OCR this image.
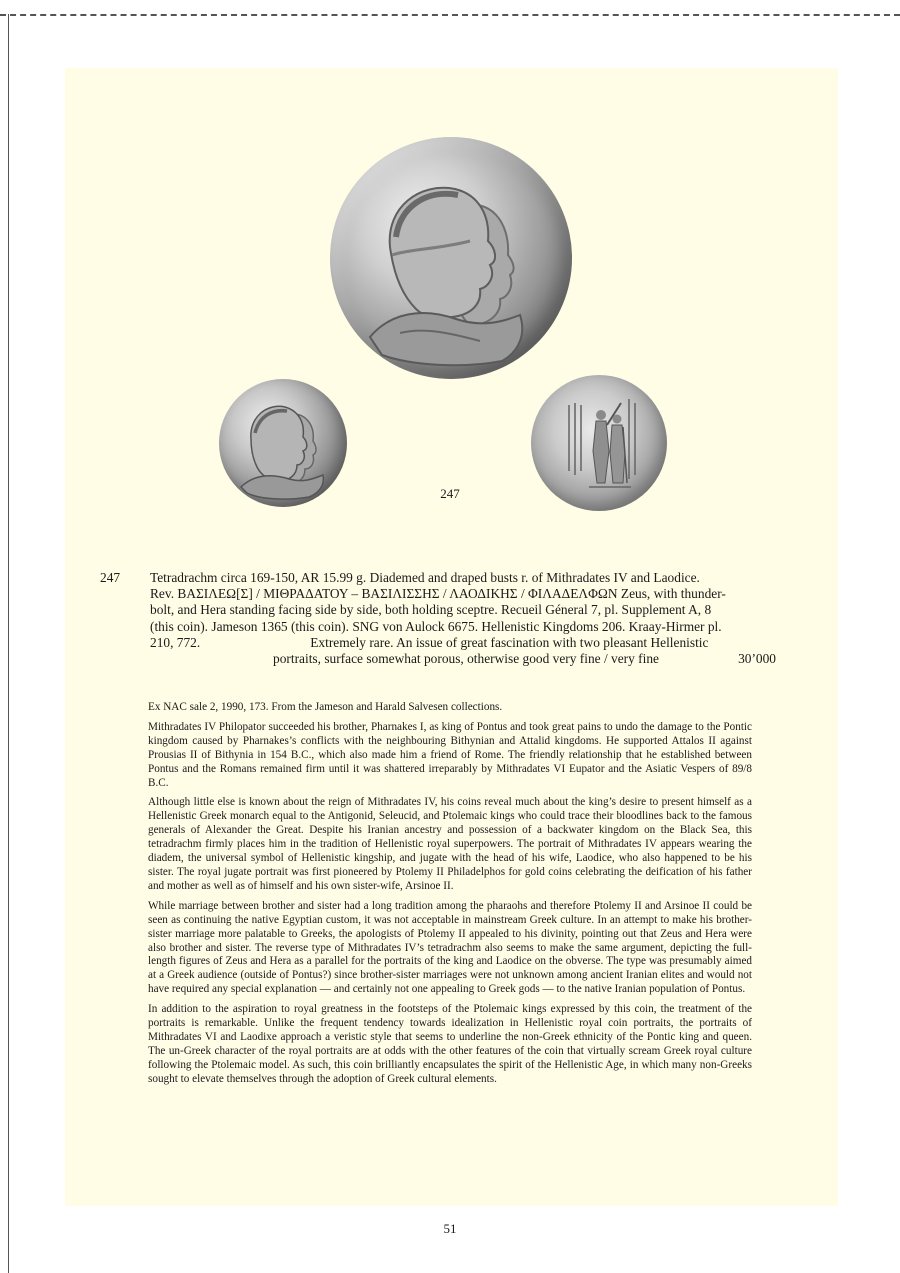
247
247 Tetradrachm circa 169-150, AR 15.99 g. Diademed and draped busts r. of Mithradates IV and Laodice.
Rev. ΒΑΣΙΛΕΩ[Σ] / ΜΙΘΡΑΔΑΤΟΥ – ΒΑΣΙΛΙΣΣΗΣ / ΛΑΟΔΙΚΗΣ / ΦΙΛΑΔΕΛΦΩΝ Zeus, with thunder-
bolt, and Hera standing facing side by side, both holding sceptre. Recueil Géneral 7, pl. Supplement A, 8
(this coin). Jameson 1365 (this coin). SNG von Aulock 6675. Hellenistic Kingdoms 206. Kraay-Hirmer pl.
210, 772.	Extremely rare. An issue of great fascination with two pleasant Hellenistic
portraits, surface somewhat porous, otherwise good very fine / very fine	30’000

Ex NAC sale 2, 1990, 173. From the Jameson and Harald Salvesen collections.

Mithradates IV Philopator succeeded his brother, Pharnakes I, as king of Pontus and took great pains to undo the damage to the Pontic kingdom caused by Pharnakes’s conflicts with the neighbouring Bithynian and Attalid kingdoms. He supported Attalos II against Prousias II of Bithynia in 154 B.C., which also made him a friend of Rome. The friendly relationship that he established between Pontus and the Romans remained firm until it was shattered irreparably by Mithradates VI Eupator and the Asiatic Vespers of 89/8 B.C.

Although little else is known about the reign of Mithradates IV, his coins reveal much about the king’s desire to present himself as a Hellenistic Greek monarch equal to the Antigonid, Seleucid, and Ptolemaic kings who could trace their bloodlines back to the famous generals of Alexander the Great. Despite his Iranian ancestry and possession of a backwater kingdom on the Black Sea, this tetradrachm firmly places him in the tradition of Hellenistic royal superpowers. The portrait of Mithradates IV appears wearing the diadem, the universal symbol of Hellenistic kingship, and jugate with the head of his wife, Laodice, who also happened to be his sister. The royal jugate portrait was first pioneered by Ptolemy II Philadelphos for gold coins celebrating the deification of his father and mother as well as of himself and his own sister-wife, Arsinoe II.

While marriage between brother and sister had a long tradition among the pharaohs and therefore Ptolemy II and Arsinoe II could be seen as continuing the native Egyptian custom, it was not acceptable in mainstream Greek culture. In an attempt to make his brother-sister marriage more palatable to Greeks, the apologists of Ptolemy II appealed to his divinity, pointing out that Zeus and Hera were also brother and sister. The reverse type of Mithradates IV’s tetradrachm also seems to make the same argument, depicting the full-length figures of Zeus and Hera as a parallel for the portraits of the king and Laodice on the obverse. The type was presumably aimed at a Greek audience (outside of Pontus?) since brother-sister marriages were not unknown among ancient Iranian elites and would not have required any special explanation — and certainly not one appealing to Greek gods — to the native Iranian population of Pontus.

In addition to the aspiration to royal greatness in the footsteps of the Ptolemaic kings expressed by this coin, the treatment of the portraits is remarkable. Unlike the frequent tendency towards idealization in Hellenistic royal coin portraits, the portraits of Mithradates VI and Laodixe approach a veristic style that seems to underline the non-Greek ethnicity of the Pontic king and queen. The un-Greek character of the royal portraits are at odds with the other features of the coin that virtually scream Greek royal culture following the Ptolemaic model. As such, this coin brilliantly encapsulates the spirit of the Hellenistic Age, in which many non-Greeks sought to elevate themselves through the adoption of Greek cultural elements.

51
